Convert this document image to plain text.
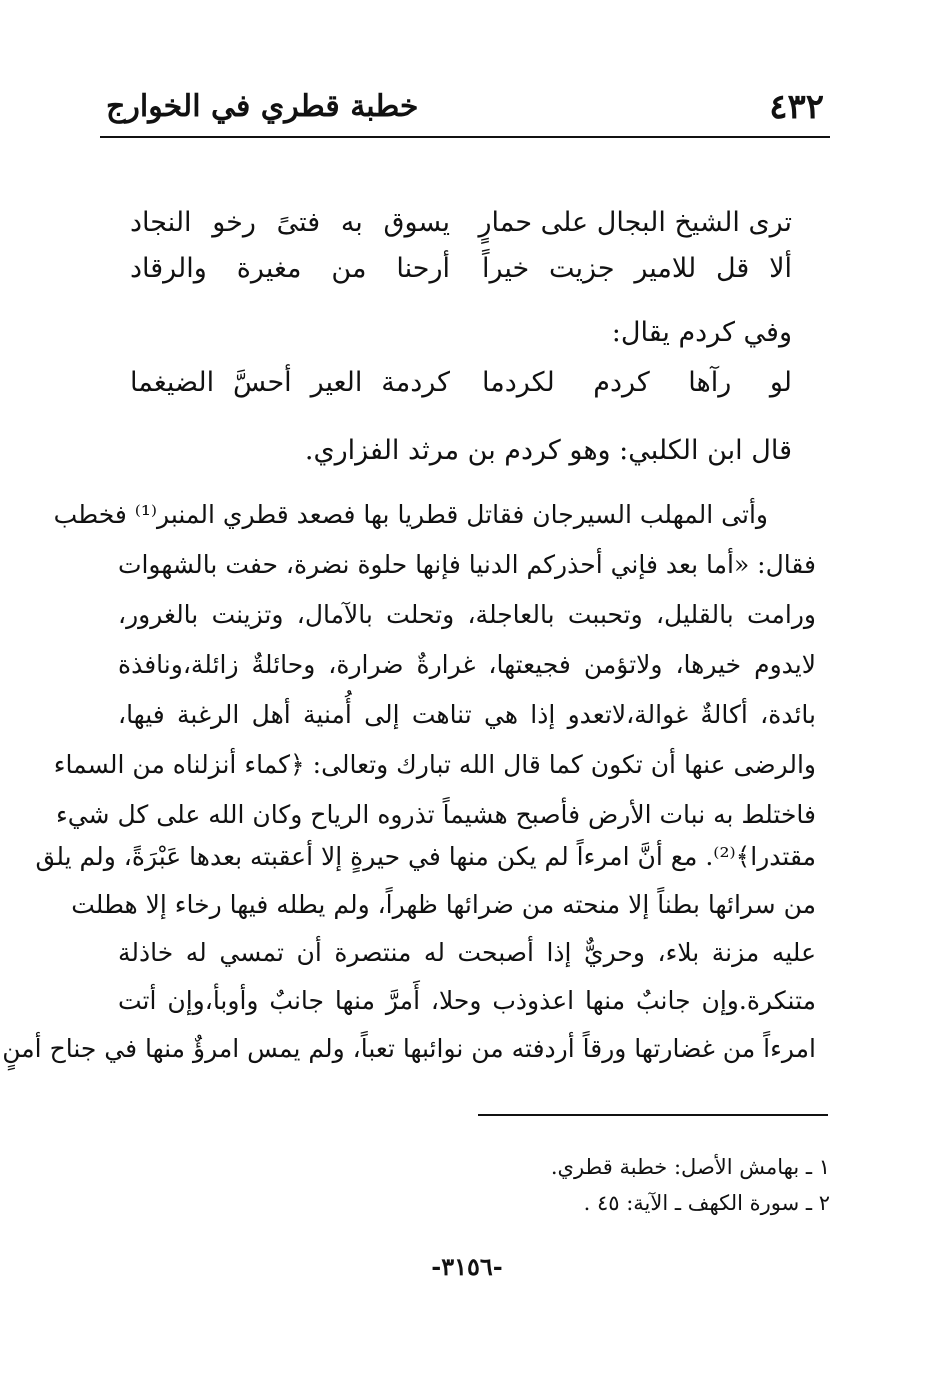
٤٣٢
خطبة قطري في الخوارج
ترى الشيخ البجال على حمارٍ
يسوق به فتىً رخو النجاد
ألا قل للامير جزيت خيراً
أرحنا من مغيرة والرقاد
وفي كردم يقال:
لو رآها كردم لكردما
كردمة العير أحسَّ الضيغما
قال ابن الكلبي: وهو كردم بن مرثد الفزاري.
وأتى المهلب السيرجان فقاتل قطريا بها فصعد قطري المنبر⁽¹⁾ فخطب
فقال: «أما بعد فإني أحذركم الدنيا فإنها حلوة نضرة، حفت بالشهوات
ورامت بالقليل، وتحببت بالعاجلة، وتحلت بالآمال، وتزينت بالغرور،
لايدوم خيرها، ولاتؤمن فجيعتها، غرارةٌ ضرارة، وحائلةٌ زائلة،ونافذة
بائدة، أكالةٌ غوالة،لاتعدو إذا هي تناهت إلى أُمنية أهل الرغبة فيها،
والرضى عنها أن تكون كما قال الله تبارك وتعالى: ﴿كماء أنزلناه من السماء
فاختلط به نبات الأرض فأصبح هشيماً تذروه الرياح وكان الله على كل شيء
مقتدرا﴾⁽²⁾. مع أنَّ امرءاً لم يكن منها في حيرةٍ إلا أعقبته بعدها عَبْرَةً، ولم يلق
من سرائها بطناً إلا منحته من ضرائها ظهراً، ولم يطله فيها رخاء إلا هطلت
عليه مزنة بلاء، وحريٌّ إذا أصبحت له منتصرة أن تمسي له خاذلة
متنكرة.وإن جانبٌ منها اعذوذب وحلا، أَمرَّ منها جانبٌ وأوبأ،وإن أتت
امرءاً من غضارتها ورقاً أردفته من نوائبها تعباً، ولم يمس امرؤٌ منها في جناح أمنٍ
١ ـ بهامش الأصل: خطبة قطري.
٢ ـ سورة الكهف ـ الآية: ٤٥ .
-٣١٥٦-
